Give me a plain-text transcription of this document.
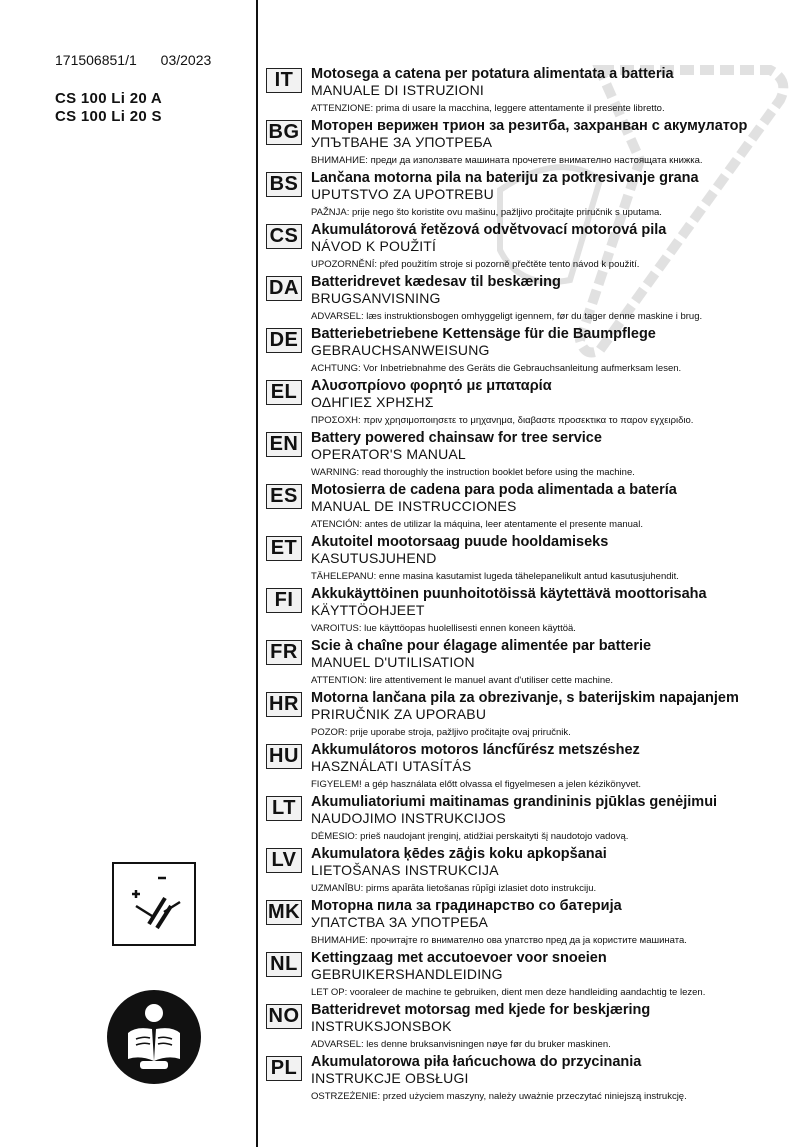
171506851/1 03/2023
CS 100 Li 20 A
CS 100 Li 20 S
IT	Motosega a catena per potatura alimentata a batteria
MANUALE DI ISTRUZIONI
ATTENZIONE: prima di usare la macchina, leggere attentamente il presente libretto.
BG Моторен верижен трион за резитба, захранван с акумулатор
УПЪТВАНЕ ЗА УПОТРЕБА
ВНИМАНИЕ: преди да използвате машината прочетете внимателно настоящата книжка.
BS Lančana motorna pila na bateriju za potkresivanje grana
UPUTSTVO ZA UPOTREBU
PAŽNJA: prije nego što koristite ovu mašinu, pažljivo pročitajte priručnik s uputama.
CS Akumulátorová řetězová odvětvovací motorová pila
NÁVOD K POUŽITÍ
UPOZORNĚNÍ: před použitím stroje si pozorně přečtěte tento návod k použití.
DA Batteridrevet kædesav til beskæring
BRUGSANVISNING
ADVARSEL: læs instruktionsbogen omhyggeligt igennem, før du tager denne maskine i brug.
DE Batteriebetriebene Kettensäge für die Baumpflege
GEBRAUCHSANWEISUNG
ACHTUNG: Vor Inbetriebnahme des Geräts die Gebrauchsanleitung aufmerksam lesen.
EL Αλυσοπρίονο φορητό με μπαταρία
ΟΔΗΓΙΕΣ ΧΡΗΣΗΣ
ΠΡΟΣΟΧΗ: πριν χρησιμοποιησετε το μηχανημα, διαβαστε προσεκτικα το παρον εγχειριδιο.
EN Battery powered chainsaw for tree service
OPERATOR'S MANUAL
WARNING: read thoroughly the instruction booklet before using the machine.
ES Motosierra de cadena para poda alimentada a batería
MANUAL DE INSTRUCCIONES
ATENCIÓN: antes de utilizar la máquina, leer atentamente el presente manual.
ET Akutoitel mootorsaag puude hooldamiseks
KASUTUSJUHEND
TÄHELEPANU: enne masina kasutamist lugeda tähelepanelikult antud kasutusjuhendit.
FI	Akkukäyttöinen puunhoitotöissä käytettävä moottorisaha
KÄYTTÖOHJEET
VAROITUS: lue käyttöopas huolellisesti ennen koneen käyttöä.
FR Scie à chaîne pour élagage alimentée par batterie
MANUEL D'UTILISATION
ATTENTION: lire attentivement le manuel avant d'utiliser cette machine.
HR Motorna lančana pila za obrezivanje, s baterijskim napajanjem
PRIRUČNIK ZA UPORABU
POZOR: prije uporabe stroja, pažljivo pročitajte ovaj priručnik.
HU Akkumulátoros motoros láncfűrész metszéshez
HASZNÁLATI UTASÍTÁS
FIGYELEM! a gép használata előtt olvassa el figyelmesen a jelen kézikönyvet.
LT	Akumuliatoriumi maitinamas grandininis pjūklas genėjimui
NAUDOJIMO INSTRUKCIJOS
DĖMESIO: prieš naudojant įrenginį, atidžiai perskaityti šį naudotojo vadovą.
LV Akumulatora ķēdes zāģis koku apkopšanai
LIETOŠANAS INSTRUKCIJA
UZMANĪBU: pirms aparāta lietošanas rūpīgi izlasiet doto instrukciju.
MK Моторна пила за градинарство со батерија
УПАТСТВА ЗА УПОТРЕБА
ВНИМАНИЕ: прочитајте го внимателно ова упатство пред да ја користите машината.
NL Kettingzaag met accutoevoer voor snoeien
GEBRUIKERSHANDLEIDING
LET OP: vooraleer de machine te gebruiken, dient men deze handleiding aandachtig te lezen.
NO Batteridrevet motorsag med kjede for beskjæring
INSTRUKSJONSBOK
ADVARSEL: les denne bruksanvisningen nøye før du bruker maskinen.
PL Akumulatorowa piła łańcuchowa do przycinania
INSTRUKCJE OBSŁUGI
OSTRZEŻENIE: przed użyciem maszyny, należy uważnie przeczytać niniejszą instrukcję.
